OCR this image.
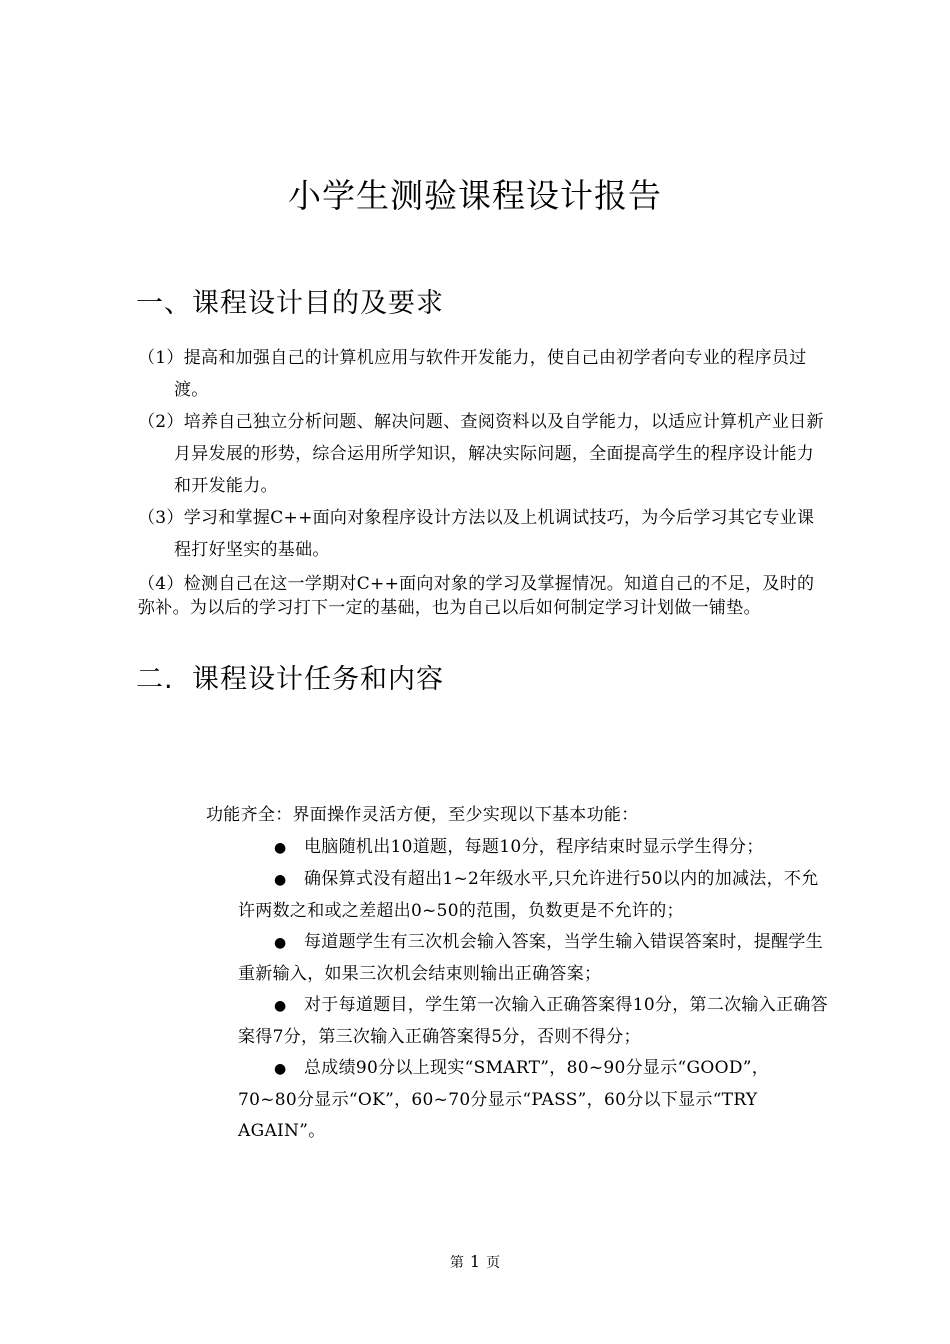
小学生测验课程设计报告
一、课程设计目的及要求

（1）提高和加强自己的计算机应用与软件开发能力，使自己由初学者向专业的程序员过渡。

（2）培养自己独立分析问题、解决问题、查阅资料以及自学能力，以适应计算机产业日新月异发展的形势，综合运用所学知识，解决实际问题，全面提高学生的程序设计能力和开发能力。

（3）学习和掌握C++面向对象程序设计方法以及上机调试技巧，为今后学习其它专业课程打好坚实的基础。

（4）检测自己在这一学期对C++面向对象的学习及掌握情况。知道自己的不足，及时的弥补。为以后的学习打下一定的基础，也为自己以后如何制定学习计划做一铺垫。

二. 课程设计任务和内容

功能齐全：界面操作灵活方便，至少实现以下基本功能：

● 电脑随机出10道题，每题10分，程序结束时显示学生得分；

● 确保算式没有超出1~2年级水平,只允许进行50以内的加减法，不允许两数之和或之差超出0~50的范围，负数更是不允许的；

● 每道题学生有三次机会输入答案，当学生输入错误答案时，提醒学生重新输入，如果三次机会结束则输出正确答案；

● 对于每道题目，学生第一次输入正确答案得10分，第二次输入正确答案得7分，第三次输入正确答案得5分，否则不得分；

● 总成绩90分以上现实“SMART”，80~90分显示“GOOD”，70~80分显示“OK”，60~70分显示“PASS”，60分以下显示“TRY AGAIN”。

第 1 页
